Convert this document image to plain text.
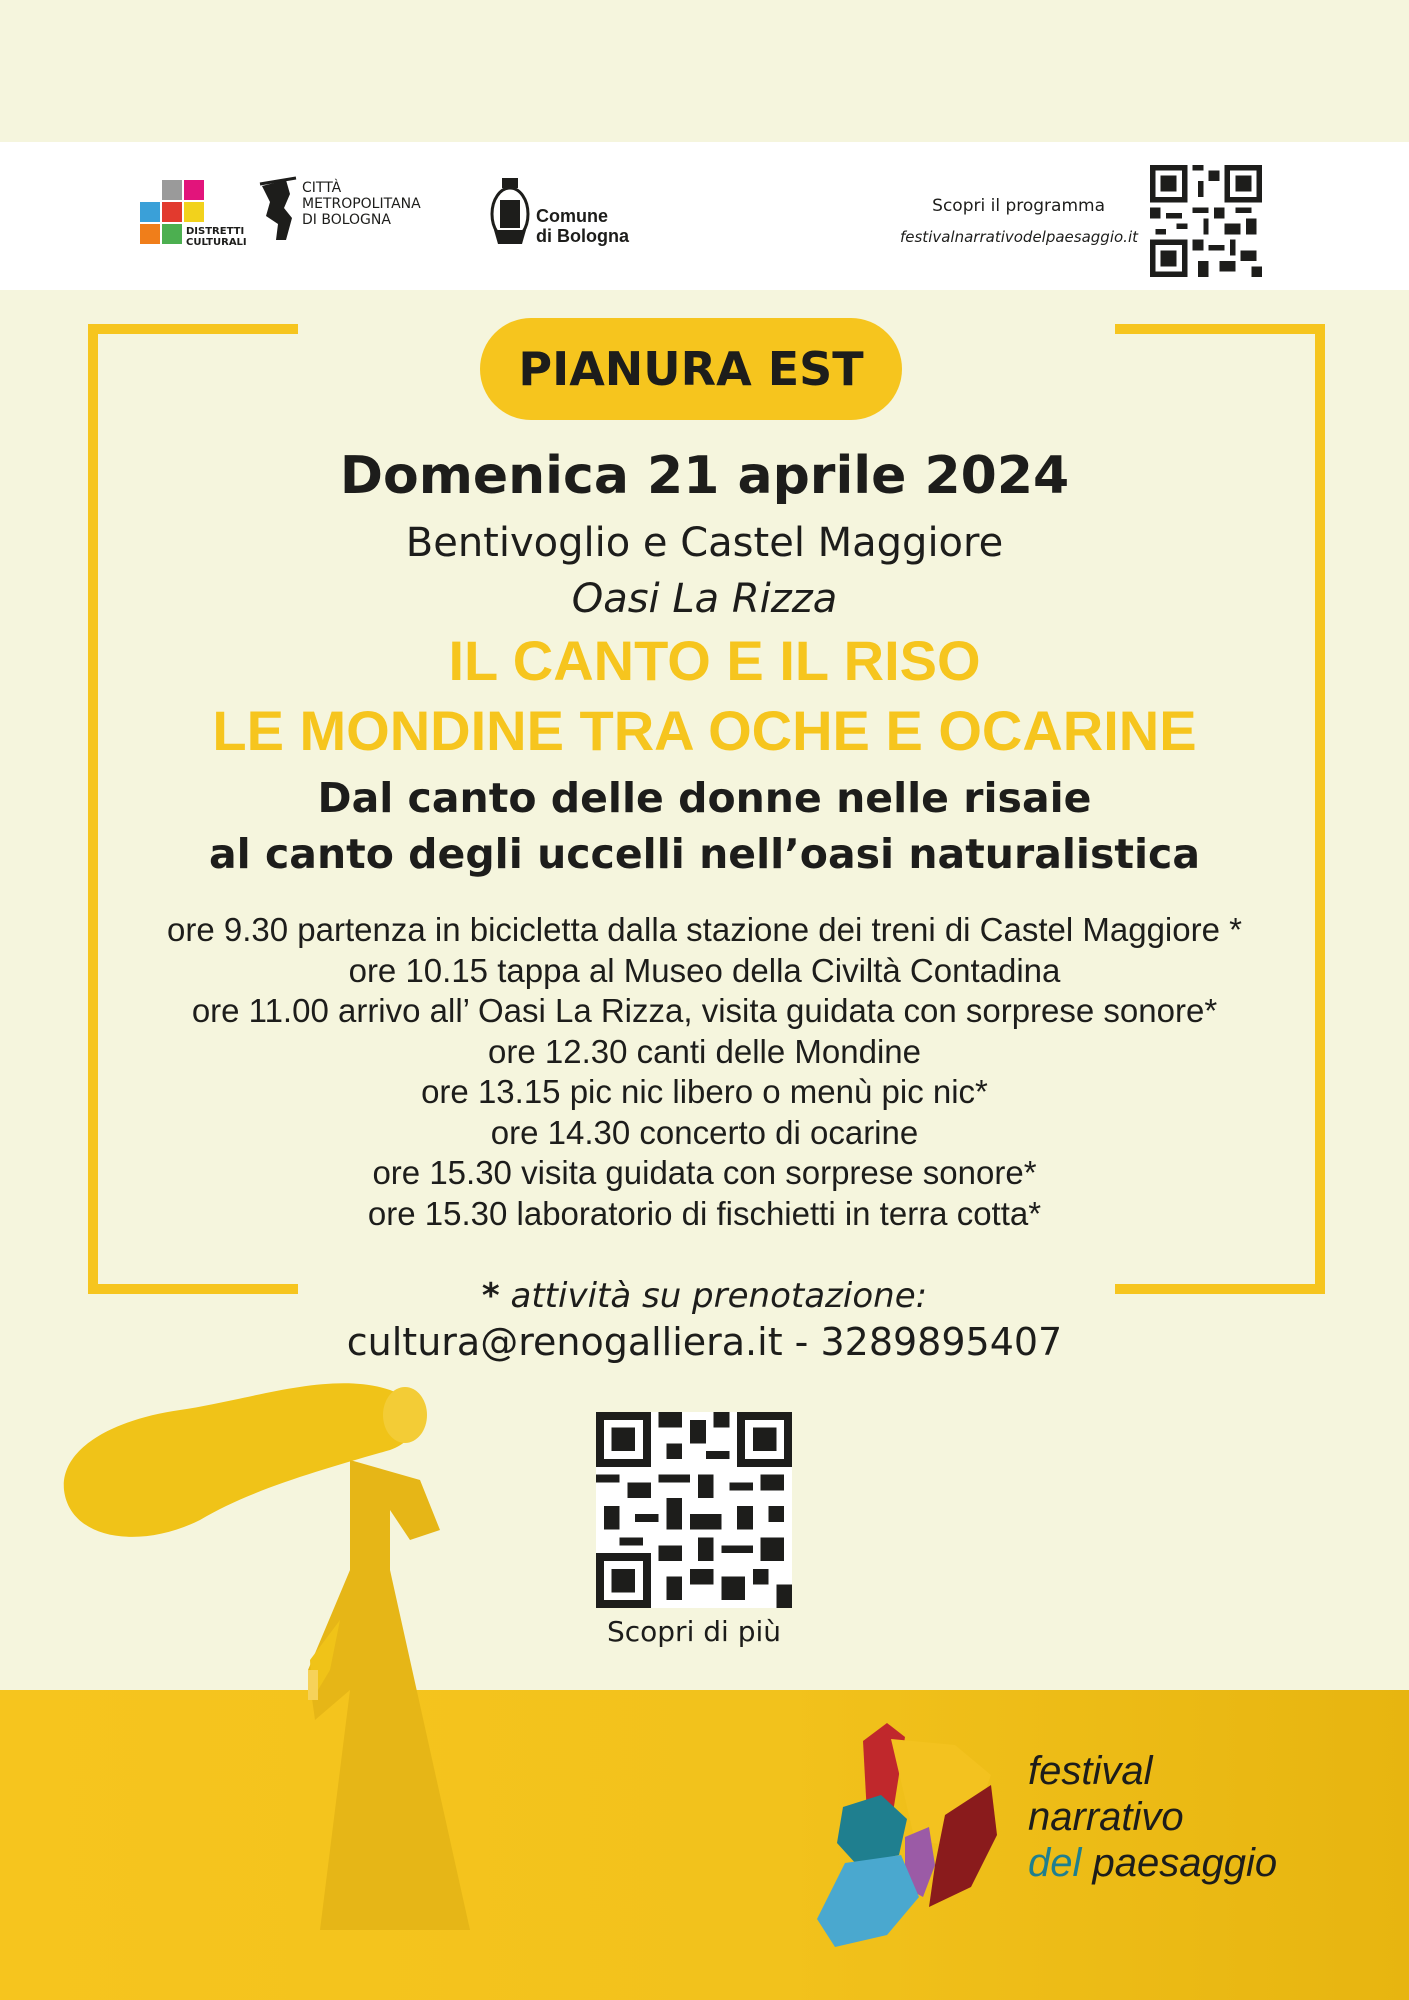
DISTRETTI
CULTURALI
CITTÀ
METROPOLITANA
DI BOLOGNA	Comune
di Bologna
Scopri il programma
festivalnarrativodelpaesaggio.it
PIANURA EST

Domenica 21 aprile 2024

Bentivoglio e Castel Maggiore

Oasi La Rizza

IL CANTO E IL RISO

LE MONDINE TRA OCHE E OCARINE

Dal canto delle donne nelle risaie

al canto degli uccelli nell’oasi naturalistica

ore 9.30 partenza in bicicletta dalla stazione dei treni di Castel Maggiore *
ore 10.15 tappa al Museo della Civiltà Contadina
ore 11.00 arrivo all’ Oasi La Rizza, visita guidata con sorprese sonore*
ore 12.30 canti delle Mondine
ore 13.15 pic nic libero o menù pic nic*
ore 14.30 concerto di ocarine
ore 15.30 visita guidata con sorprese sonore*
ore 15.30 laboratorio di fischietti in terra cotta*

* attività su prenotazione:

cultura@renogalliera.it - 3289895407

Scopri di più
festival
narrativo
del paesaggio
